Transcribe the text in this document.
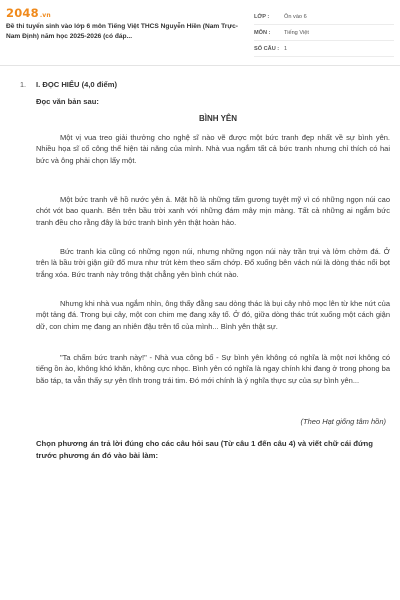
2048.vn
Đề thi tuyển sinh vào lớp 6 môn Tiếng Việt THCS Nguyễn Hiền (Nam Trực-Nam Định) năm học 2025-2026 (có đáp...
LỚP :	Ôn vào 6
MÔN : Tiếng Việt
SỐ CÂU : 1
1. I. ĐỌC HIỂU (4,0 điểm)
Đọc văn bản sau:
BÌNH YÊN

Một vị vua treo giải thưởng cho nghệ sĩ nào vẽ được một bức tranh đẹp nhất về sự bình yên. Nhiều họa sĩ cố công thể hiện tài năng của mình. Nhà vua ngắm tất cả bức tranh nhưng chỉ thích có hai bức và ông phải chọn lấy một.

Một bức tranh vẽ hồ nước yên ả. Mặt hồ là những tấm gương tuyệt mỹ vì có những ngọn núi cao chót vót bao quanh. Bên trên bầu trời xanh với những đám mây mịn màng. Tất cả những ai ngắm bức tranh đều cho rằng đây là bức tranh bình yên thật hoàn hảo.

Bức tranh kia cũng có những ngọn núi, nhưng những ngọn núi này trần trụi và lởm chởm đá. Ở trên là bầu trời giận giữ đổ mưa như trút kèm theo sấm chớp. Đổ xuống bên vách núi là dòng thác nổi bọt trắng xóa. Bức tranh này trông thật chẳng yên bình chút nào.

Nhưng khi nhà vua ngắm nhìn, ông thấy đằng sau dòng thác là bụi cây nhỏ mọc lên từ khe nứt của một tảng đá. Trong bụi cây, một con chim mẹ đang xây tổ. Ở đó, giữa dòng thác trút xuống một cách giận dữ, con chim mẹ đang an nhiên đậu trên tổ của mình... Bình yên thật sự.

"Ta chấm bức tranh này!" - Nhà vua công bố - Sự bình yên không có nghĩa là một nơi không có tiếng ồn ào, không khó khăn, không cực nhọc. Bình yên có nghĩa là ngay chính khi đang ở trong phong ba bão táp, ta vẫn thấy sự yên tĩnh trong trái tim. Đó mới chính là ý nghĩa thực sự của sự bình yên...

(Theo Hạt giống tâm hồn)
Chọn phương án trả lời đúng cho các câu hỏi sau (Từ câu 1 đến câu 4) và viết chữ cái đứng trước phương án đó vào bài làm:
